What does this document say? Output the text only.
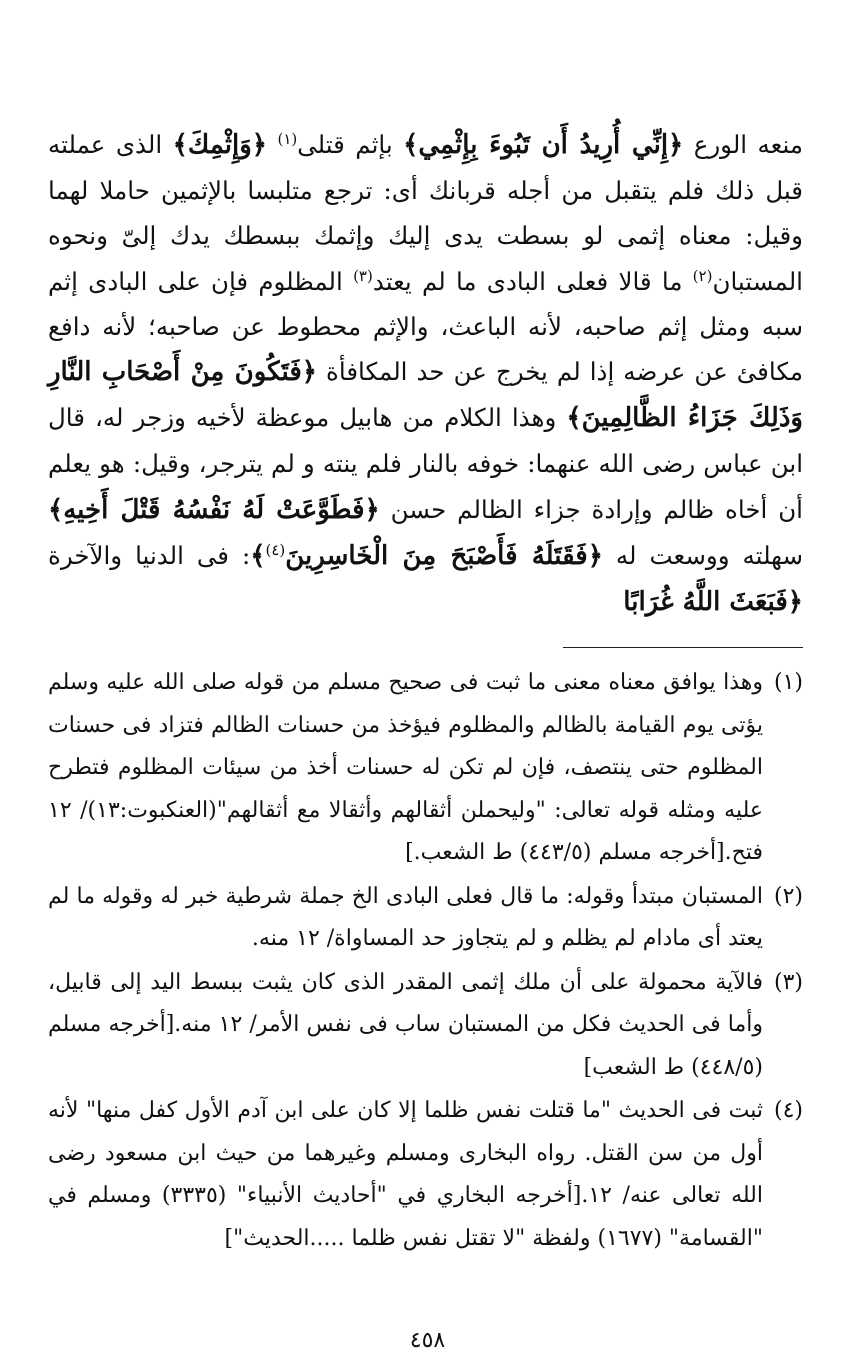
منعه الورع ﴿إِنِّي أُرِيدُ أَن تَبُوءَ بِإِثْمِي﴾ بإثم قتلى$^{(١)}$ ﴿وَإِثْمِكَ﴾ الذى عملته قبل ذلك فلم يتقبل من أجله قربانك أى: ترجع متلبسا بالإثمين حاملا لهما وقيل: معناه إثمى لو بسطت يدى إليك وإثمك ببسطك يدك إلىّ ونحوه المستبان$^{(٢)}$ ما قالا فعلى البادى ما لم يعتد$^{(٣)}$ المظلوم فإن على البادى إثم سبه ومثل إثم صاحبه، لأنه الباعث، والإثم محطوط عن صاحبه؛ لأنه دافع مكافئ عن عرضه إذا لم يخرج عن حد المكافأة ﴿فَتَكُونَ مِنْ أَصْحَابِ النَّارِ وَذَلِكَ جَزَاءُ الظَّالِمِينَ﴾ وهذا الكلام من هابيل موعظة لأخيه وزجر له، قال ابن عباس رضى الله عنهما: خوفه بالنار فلم ينته و لم يترجر، وقيل: هو يعلم أن أخاه ظالم وإرادة جزاء الظالم حسن ﴿فَطَوَّعَتْ لَهُ نَفْسُهُ قَتْلَ أَخِيهِ﴾ سهلته ووسعت له ﴿فَقَتَلَهُ فَأَصْبَحَ مِنَ الْخَاسِرِينَ$^{(٤)}$﴾: فى الدنيا والآخرة ﴿فَبَعَثَ اللَّهُ غُرَابًا

(١)
وهذا يوافق معناه معنى ما ثبت فى صحيح مسلم من قوله صلى الله عليه وسلم يؤتى يوم القيامة بالظالم والمظلوم فيؤخذ من حسنات الظالم فتزاد فى حسنات المظلوم حتى ينتصف، فإن لم تكن له حسنات أخذ من سيئات المظلوم فتطرح عليه ومثله قوله تعالى: "وليحملن أثقالهم وأثقالا مع أثقالهم"(العنكبوت:١٣)/ ١٢ فتح.[أخرجه مسلم (٤٤٣/٥) ط الشعب.]
(٢)
المستبان مبتدأ وقوله: ما قال فعلى البادى الخ جملة شرطية خبر له وقوله ما لم يعتد أى مادام لم يظلم و لم يتجاوز حد المساواة/ ١٢ منه.
(٣)
فالآية محمولة على أن ملك إثمى المقدر الذى كان يثبت ببسط اليد إلى قابيل، وأما فى الحديث فكل من المستبان ساب فى نفس الأمر/ ١٢ منه.[أخرجه مسلم (٤٤٨/٥) ط الشعب]
(٤)
ثبت فى الحديث "ما قتلت نفس ظلما إلا كان على ابن آدم الأول كفل منها" لأنه أول من سن القتل. رواه البخارى ومسلم وغيرهما من حيث ابن مسعود رضى الله تعالى عنه/ ١٢.[أخرجه البخاري في "أحاديث الأنبياء" (٣٣٣٥) ومسلم في "القسامة" (١٦٧٧) ولفظة "لا تقتل نفس ظلما .....الحديث"]
٤٥٨
